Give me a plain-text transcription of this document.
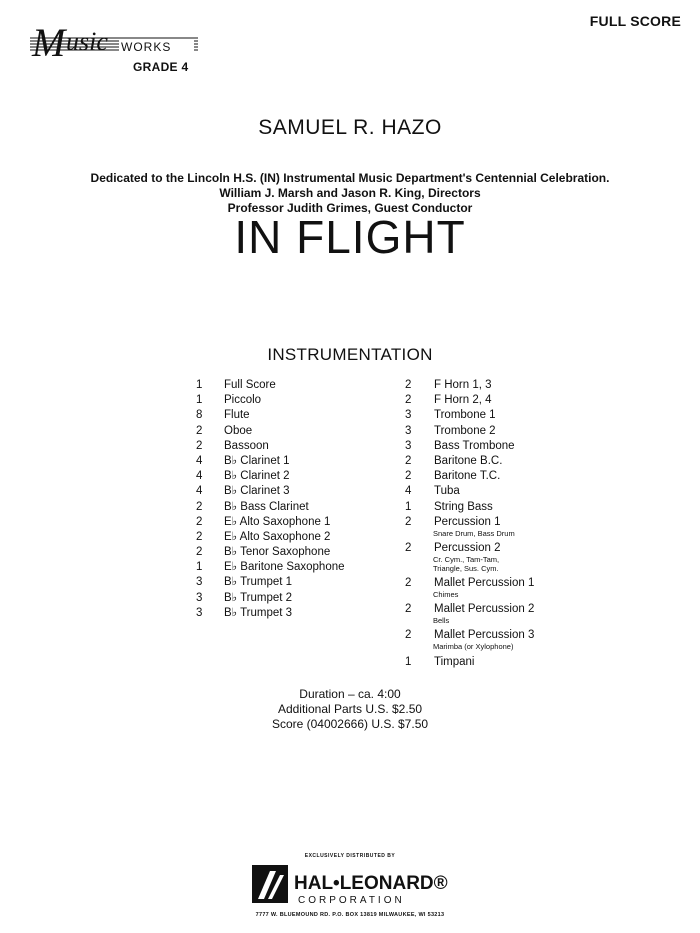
M usic WORKS
GRADE 4
FULL SCORE
SAMUEL R. HAZO
Dedicated to the Lincoln H.S. (IN) Instrumental Music Department's Centennial Celebration.
William J. Marsh and Jason R. King, Directors
Professor Judith Grimes, Guest Conductor
IN FLIGHT
INSTRUMENTATION
1	Full Score
1	Piccolo
8	Flute
2	Oboe
2	Bassoon
4	B♭ Clarinet 1
4	B♭ Clarinet 2
4	B♭ Clarinet 3
2	B♭ Bass Clarinet
2	E♭ Alto Saxophone 1
2	E♭ Alto Saxophone 2
2	B♭ Tenor Saxophone
1	E♭ Baritone Saxophone
3	B♭ Trumpet 1
3	B♭ Trumpet 2
3	B♭ Trumpet 3
2	F Horn 1, 3
2	F Horn 2, 4
3	Trombone 1
3	Trombone 2
3	Bass Trombone
2	Baritone B.C.
2	Baritone T.C.
4	Tuba
1	String Bass
2	Percussion 1
Snare Drum, Bass Drum
2	Percussion 2
Cr. Cym., Tam-Tam,
Triangle, Sus. Cym.
2	Mallet Percussion 1
Chimes
2	Mallet Percussion 2
Bells
2	Mallet Percussion 3
Marimba (or Xylophone)
1	Timpani
Duration – ca. 4:00
Additional Parts U.S. $2.50
Score (04002666) U.S. $7.50
EXCLUSIVELY DISTRIBUTED BY
HAL•LEONARD®
CORPORATION
7777 W. BLUEMOUND RD. P.O. BOX 13819 MILWAUKEE, WI 53213
